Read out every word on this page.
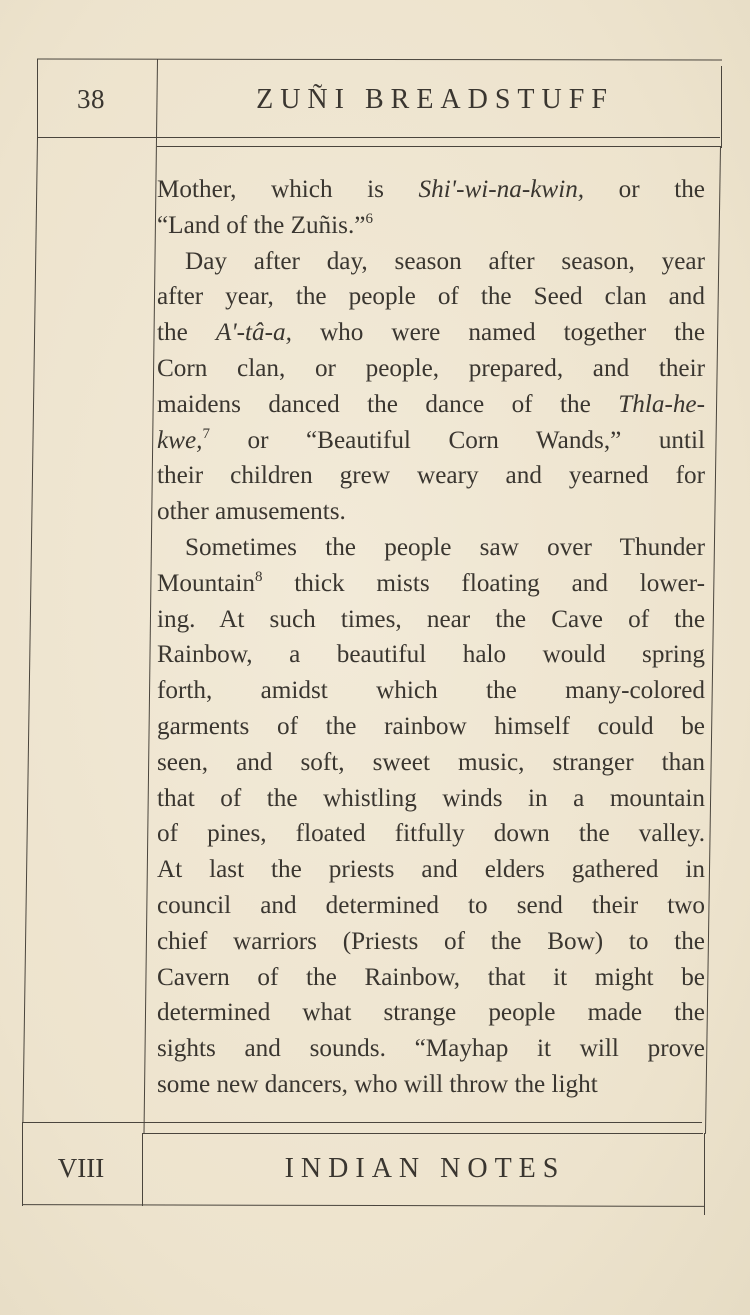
38	ZUÑI BREADSTUFF

Mother, which is Shi'-wi-na-kwin, or the
“Land of the Zuñis.”$^6$

Day after day, season after season, year
after year, the people of the Seed clan and
the A'-tâ-a, who were named together the
Corn clan, or people, prepared, and their
maidens danced the dance of the Thla-he-
kwe,$^7$ or “Beautiful Corn Wands,” until
their children grew weary and yearned for
other amusements.

Sometimes the people saw over Thunder
Mountain$^8$ thick mists floating and lower-
ing. At such times, near the Cave of the
Rainbow, a beautiful halo would spring
forth, amidst which the many-colored
garments of the rainbow himself could be
seen, and soft, sweet music, stranger than
that of the whistling winds in a mountain
of pines, floated fitfully down the valley.
At last the priests and elders gathered in
council and determined to send their two
chief warriors (Priests of the Bow) to the
Cavern of the Rainbow, that it might be
determined what strange people made the
sights and sounds. “Mayhap it will prove
some new dancers, who will throw the light

VIII	INDIAN NOTES
